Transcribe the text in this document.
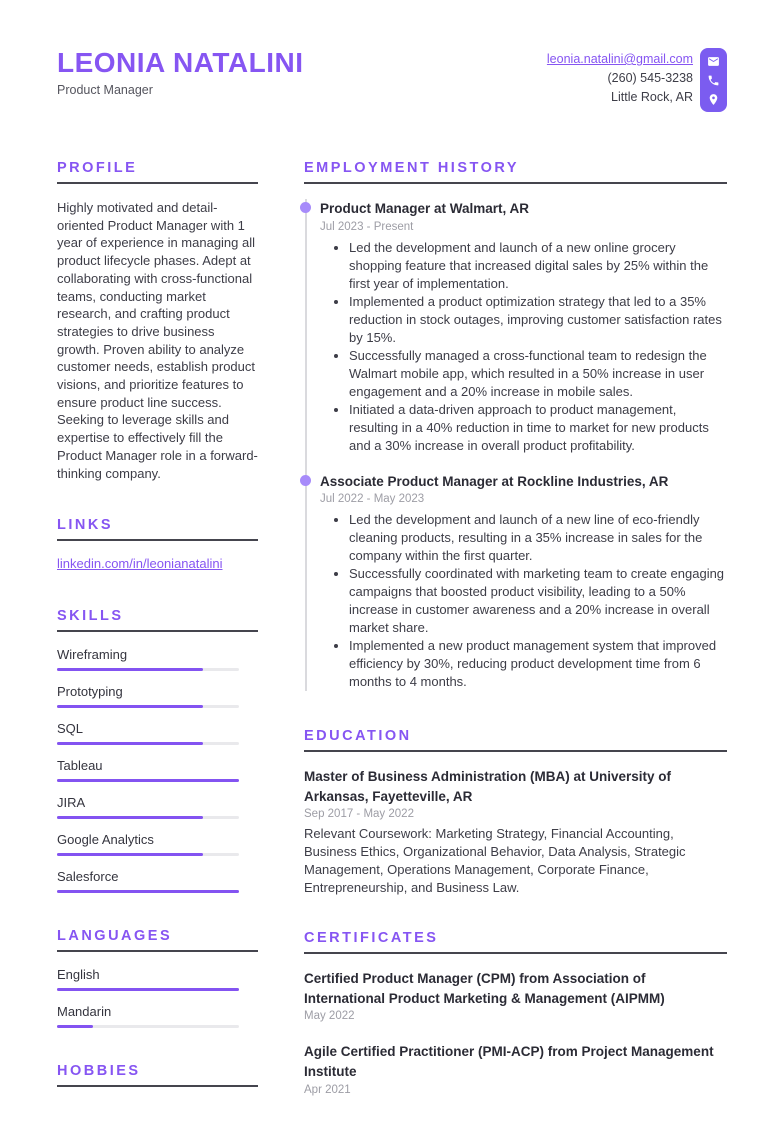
LEONIA NATALINI
Product Manager
leonia.natalini@gmail.com
(260) 545-3238
Little Rock, AR
PROFILE

Highly motivated and detail-oriented Product Manager with 1 year of experience in managing all product lifecycle phases. Adept at collaborating with cross-functional teams, conducting market research, and crafting product strategies to drive business growth. Proven ability to analyze customer needs, establish product visions, and prioritize features to ensure product line success. Seeking to leverage skills and expertise to effectively fill the Product Manager role in a forward-thinking company.

LINKS
linkedin.com/in/leonianatalini
SKILLS
Wireframing
Prototyping
SQL
Tableau
JIRA
Google Analytics
Salesforce
LANGUAGES
English
Mandarin
HOBBIES
EMPLOYMENT HISTORY
Product Manager at Walmart, AR
Jul 2023 - Present
• Led the development and launch of a new online grocery shopping feature that increased digital sales by 25% within the first year of implementation.
• Implemented a product optimization strategy that led to a 35% reduction in stock outages, improving customer satisfaction rates by 15%.
• Successfully managed a cross-functional team to redesign the Walmart mobile app, which resulted in a 50% increase in user engagement and a 20% increase in mobile sales.
• Initiated a data-driven approach to product management, resulting in a 40% reduction in time to market for new products and a 30% increase in overall product profitability.
Associate Product Manager at Rockline Industries, AR
Jul 2022 - May 2023
• Led the development and launch of a new line of eco-friendly cleaning products, resulting in a 35% increase in sales for the company within the first quarter.
• Successfully coordinated with marketing team to create engaging campaigns that boosted product visibility, leading to a 50% increase in customer awareness and a 20% increase in overall market share.
• Implemented a new product management system that improved efficiency by 30%, reducing product development time from 6 months to 4 months.
EDUCATION
Master of Business Administration (MBA) at University of Arkansas, Fayetteville, AR
Sep 2017 - May 2022

Relevant Coursework: Marketing Strategy, Financial Accounting, Business Ethics, Organizational Behavior, Data Analysis, Strategic Management, Operations Management, Corporate Finance, Entrepreneurship, and Business Law.

CERTIFICATES
Certified Product Manager (CPM) from Association of International Product Marketing & Management (AIPMM)
May 2022
Agile Certified Practitioner (PMI-ACP) from Project Management Institute
Apr 2021
